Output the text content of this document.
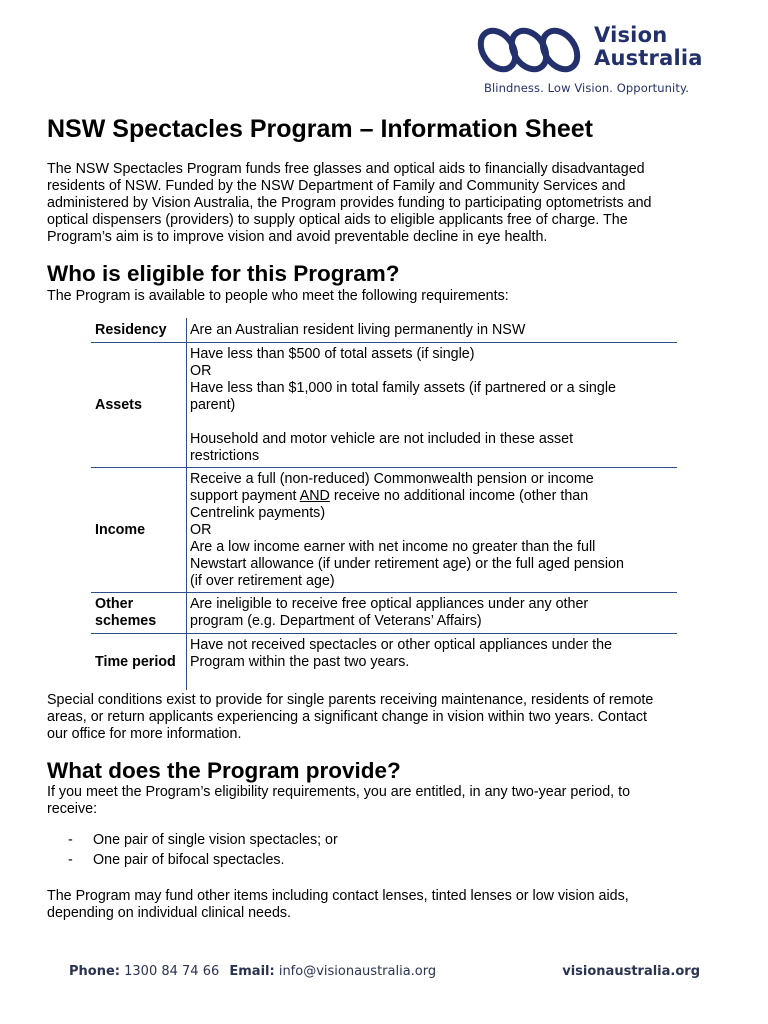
Vision
Australia
Blindness. Low Vision. Opportunity.
NSW Spectacles Program – Information Sheet
The NSW Spectacles Program funds free glasses and optical aids to financially disadvantaged
residents of NSW. Funded by the NSW Department of Family and Community Services and
administered by Vision Australia, the Program provides funding to participating optometrists and
optical dispensers (providers) to supply optical aids to eligible applicants free of charge. The
Program’s aim is to improve vision and avoid preventable decline in eye health.
Who is eligible for this Program?
The Program is available to people who meet the following requirements:
Residency Are an Australian resident living permanently in NSW
Assets
Have less than $500 of total assets (if single)
OR
Have less than $1,000 in total family assets (if partnered or a single
parent)
Household and motor vehicle are not included in these asset
restrictions
Income
Receive a full (non-reduced) Commonwealth pension or income
support payment AND receive no additional income (other than
Centrelink payments)
OR
Are a low income earner with net income no greater than the full
Newstart allowance (if under retirement age) or the full aged pension
(if over retirement age)
Other
schemes
Are ineligible to receive free optical appliances under any other
program (e.g. Department of Veterans’ Affairs)
Time period
Have not received spectacles or other optical appliances under the
Program within the past two years.
Special conditions exist to provide for single parents receiving maintenance, residents of remote
areas, or return applicants experiencing a significant change in vision within two years. Contact
our office for more information.
What does the Program provide?
If you meet the Program’s eligibility requirements, you are entitled, in any two-year period, to
receive:
- One pair of single vision spectacles; or
- One pair of bifocal spectacles.
The Program may fund other items including contact lenses, tinted lenses or low vision aids,
depending on individual clinical needs.
Phone: 1300 84 74 66 Email: info@visionaustralia.org	visionaustralia.org
